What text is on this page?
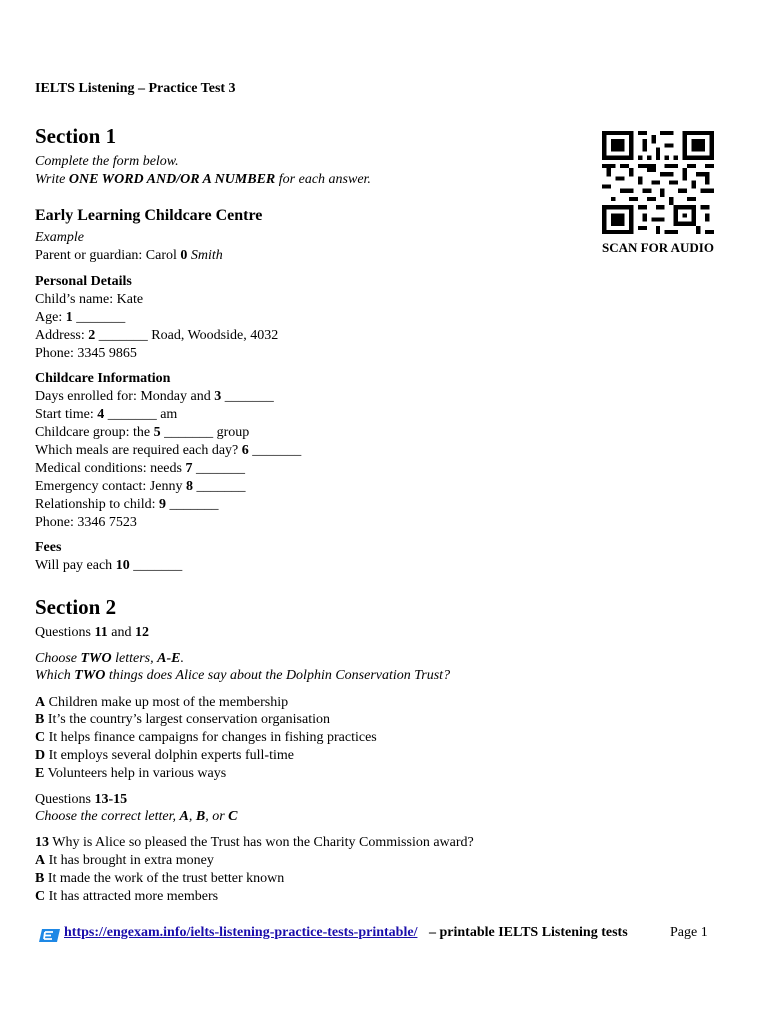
IELTS Listening – Practice Test 3
Section 1
Complete the form below.
Write ONE WORD AND/OR A NUMBER for each answer.
Early Learning Childcare Centre
Example
Parent or guardian: Carol 0 Smith
Personal Details
Child’s name: Kate
Age: 1 _______
Address: 2 _______ Road, Woodside, 4032
Phone: 3345 9865
Childcare Information
Days enrolled for: Monday and 3 _______
Start time: 4 _______ am
Childcare group: the 5 _______ group
Which meals are required each day? 6 _______
Medical conditions: needs 7 _______
Emergency contact: Jenny 8 _______
Relationship to child: 9 _______
Phone: 3346 7523
Fees
Will pay each 10 _______
Section 2
Questions 11 and 12
Choose TWO letters, A-E.
Which TWO things does Alice say about the Dolphin Conservation Trust?
A Children make up most of the membership
B It’s the country’s largest conservation organisation
C It helps finance campaigns for changes in fishing practices
D It employs several dolphin experts full-time
E Volunteers help in various ways
Questions 13-15
Choose the correct letter, A, B, or C
13 Why is Alice so pleased the Trust has won the Charity Commission award?
A It has brought in extra money
B It made the work of the trust better known
C It has attracted more members
SCAN FOR AUDIO
https://engexam.info/ielts-listening-practice-tests-printable/ – printable IELTS Listening tests	Page 1
